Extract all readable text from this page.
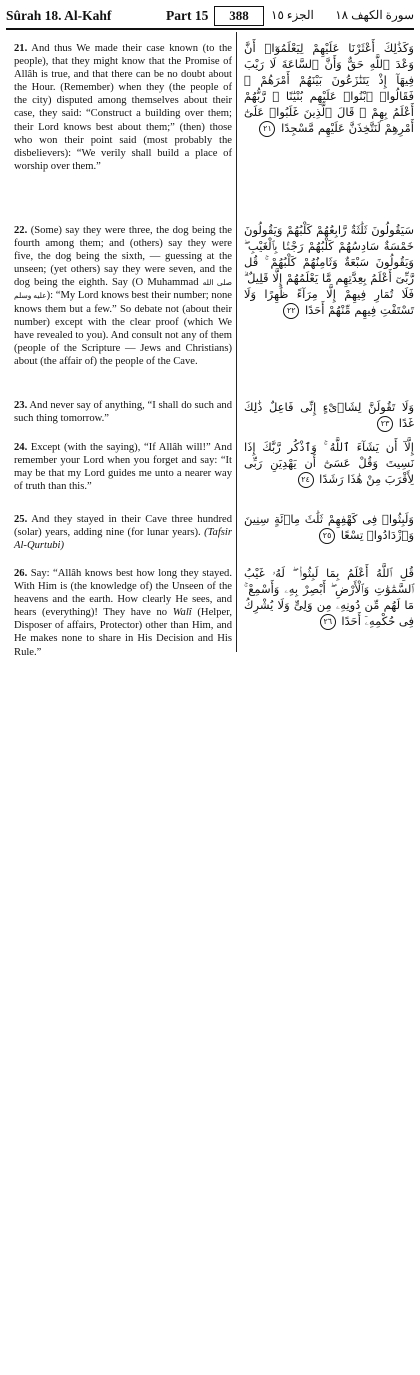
Sûrah 18. Al-Kahf	Part 15	388	الجزء ١٥ سورة الكهف ١٨

21. And thus We made their case known (to the people), that they might know that the Promise of Allâh is true, and that there can be no doubt about the Hour. (Remember) when they (the people of the city) disputed among themselves about their case, they said: “Construct a building over them; their Lord knows best about them;” (then) those who won their point said (most probably the disbelievers): “We verily shall build a place of worship over them.”

وَكَذَٰلِكَ أَعْثَرْنَا عَلَيْهِمْ لِيَعْلَمُوٓا۟ أَنَّ وَعْدَ ٱللَّهِ حَقٌّ وَأَنَّ ٱلسَّاعَةَ لَا رَيْبَ فِيهَآ إِذْ يَتَنَٰزَعُونَ بَيْنَهُمْ أَمْرَهُمْ ۖ فَقَالُوا۟ ٱبْنُوا۟ عَلَيْهِم بُنْيَٰنًا ۖ رَّبُّهُمْ أَعْلَمُ بِهِمْ ۚ قَالَ ٱلَّذِينَ غَلَبُوا۟ عَلَىٰٓ أَمْرِهِمْ لَنَتَّخِذَنَّ عَلَيْهِم مَّسْجِدًا ٢١

22. (Some) say they were three, the dog being the fourth among them; and (others) say they were five, the dog being the sixth, — guessing at the unseen; (yet others) say they were seven, and the dog being the eighth. Say (O Muhammad صلى الله عليه وسلم): “My Lord knows best their number; none knows them but a few.” So debate not (about their number) except with the clear proof (which We have revealed to you). And consult not any of them (people of the Scripture — Jews and Christians) about (the affair of) the people of the Cave.

سَيَقُولُونَ ثَلَٰثَةٌ رَّابِعُهُمْ كَلْبُهُمْ وَيَقُولُونَ خَمْسَةٌ سَادِسُهُمْ كَلْبُهُمْ رَجْمًۢا بِٱلْغَيْبِ ۖ وَيَقُولُونَ سَبْعَةٌ وَثَامِنُهُمْ كَلْبُهُمْ ۚ قُل رَّبِّىٓ أَعْلَمُ بِعِدَّتِهِم مَّا يَعْلَمُهُمْ إِلَّا قَلِيلٌ ۗ فَلَا تُمَارِ فِيهِمْ إِلَّا مِرَآءً ظَٰهِرًا وَلَا تَسْتَفْتِ فِيهِم مِّنْهُمْ أَحَدًا ٢٢

23. And never say of anything, “I shall do such and such thing tomorrow.”

وَلَا تَقُولَنَّ لِشَا۟ىْءٍ إِنِّى فَاعِلٌ ذَٰلِكَ غَدًا ٢٣

24. Except (with the saying), “If Allâh will!” And remember your Lord when you forget and say: “It may be that my Lord guides me unto a nearer way of truth than this.”

إِلَّآ أَن يَشَآءَ ٱللَّهُ ۚ وَٱذْكُر رَّبَّكَ إِذَا نَسِيتَ وَقُلْ عَسَىٰٓ أَن يَهْدِيَنِ رَبِّى لِأَقْرَبَ مِنْ هَٰذَا رَشَدًا ٢٤

25. And they stayed in their Cave three hundred (solar) years, adding nine (for lunar years). (Tafsir Al-Qurtubi)

وَلَبِثُوا۟ فِى كَهْفِهِمْ ثَلَٰثَ مِا۟ئَةٍ سِنِينَ وَٱزْدَادُوا۟ تِسْعًا ٢٥

26. Say: “Allâh knows best how long they stayed. With Him is (the knowledge of) the Unseen of the heavens and the earth. How clearly He sees, and hears (everything)! They have no Walî (Helper, Disposer of affairs, Protector) other than Him, and He makes none to share in His Decision and His Rule.”

قُلِ ٱللَّهُ أَعْلَمُ بِمَا لَبِثُوا۟ ۖ لَهُۥ غَيْبُ ٱلسَّمَٰوَٰتِ وَٱلْأَرْضِ ۖ أَبْصِرْ بِهِۦ وَأَسْمِعْ ۚ مَا لَهُم مِّن دُونِهِۦ مِن وَلِىٍّ وَلَا يُشْرِكُ فِى حُكْمِهِۦٓ أَحَدًا ٢٦
